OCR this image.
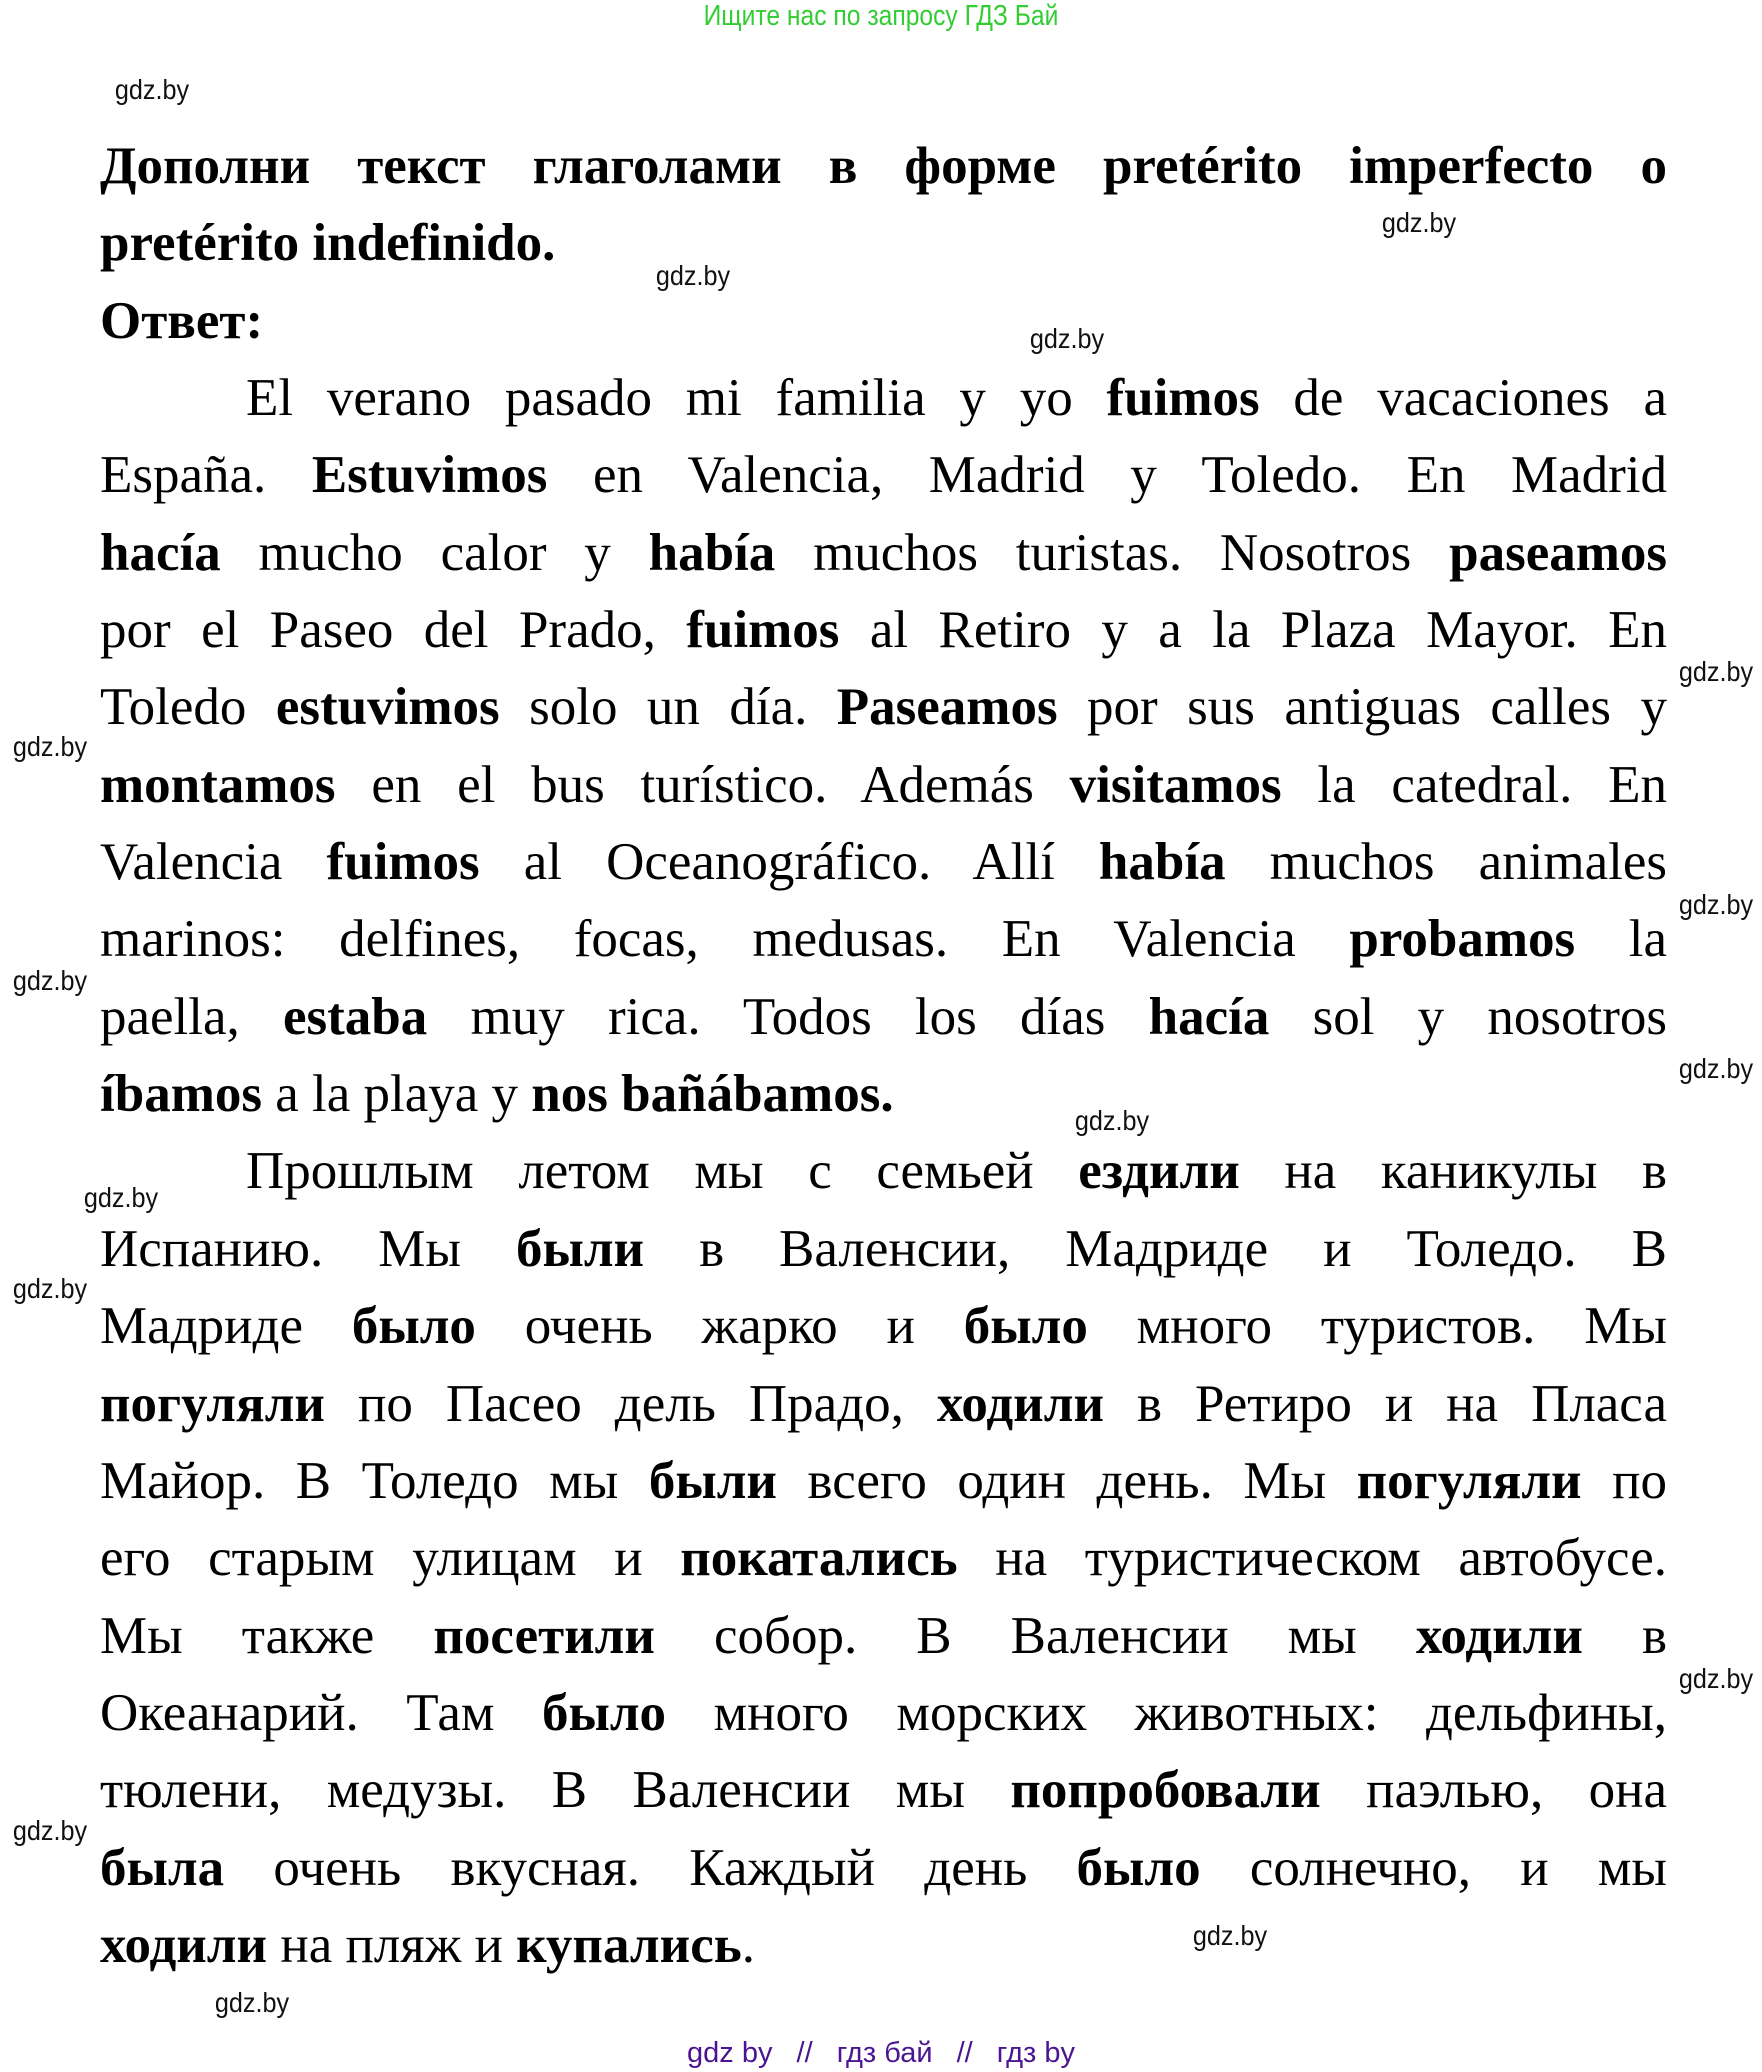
Ищите нас по запросу ГДЗ Бай
Дополни текст глаголами в форме pretérito imperfecto o
pretérito indefinido.
Ответ:
El verano pasado mi familia y yo fuimos de vacaciones a
España. Estuvimos en Valencia, Madrid y Toledo. En Madrid
hacía mucho calor y había muchos turistas. Nosotros paseamos
por el Paseo del Prado, fuimos al Retiro y a la Plaza Mayor. En
Toledo estuvimos solo un día. Paseamos por sus antiguas calles y
montamos en el bus turístico. Además visitamos la catedral. En
Valencia fuimos al Oceanográfico. Allí había muchos animales
marinos: delfines, focas, medusas. En Valencia probamos la
paella, estaba muy rica. Todos los días hacía sol y nosotros
íbamos a la playa y nos bañábamos.
Прошлым летом мы с семьей ездили на каникулы в
Испанию. Мы были в Валенсии, Мадриде и Толедо. В
Мадриде было очень жарко и было много туристов. Мы
погуляли по Пасео дель Прадо, ходили в Ретиро и на Пласа
Майор. В Толедо мы были всего один день. Мы погуляли по
его старым улицам и покатались на туристическом автобусе.
Мы также посетили собор. В Валенсии мы ходили в
Океанарий. Там было много морских животных: дельфины,
тюлени, медузы. В Валенсии мы попробовали паэлью, она
была очень вкусная. Каждый день было солнечно, и мы
ходили на пляж и купались.
gdz.by
gdz.by
gdz.by
gdz.by
gdz.by
gdz.by
gdz.by
gdz.by
gdz.by
gdz.by
gdz.by
gdz.by
gdz.by
gdz.by
gdz.by
gdz.by
gdz by // гдз бай // гдз by
